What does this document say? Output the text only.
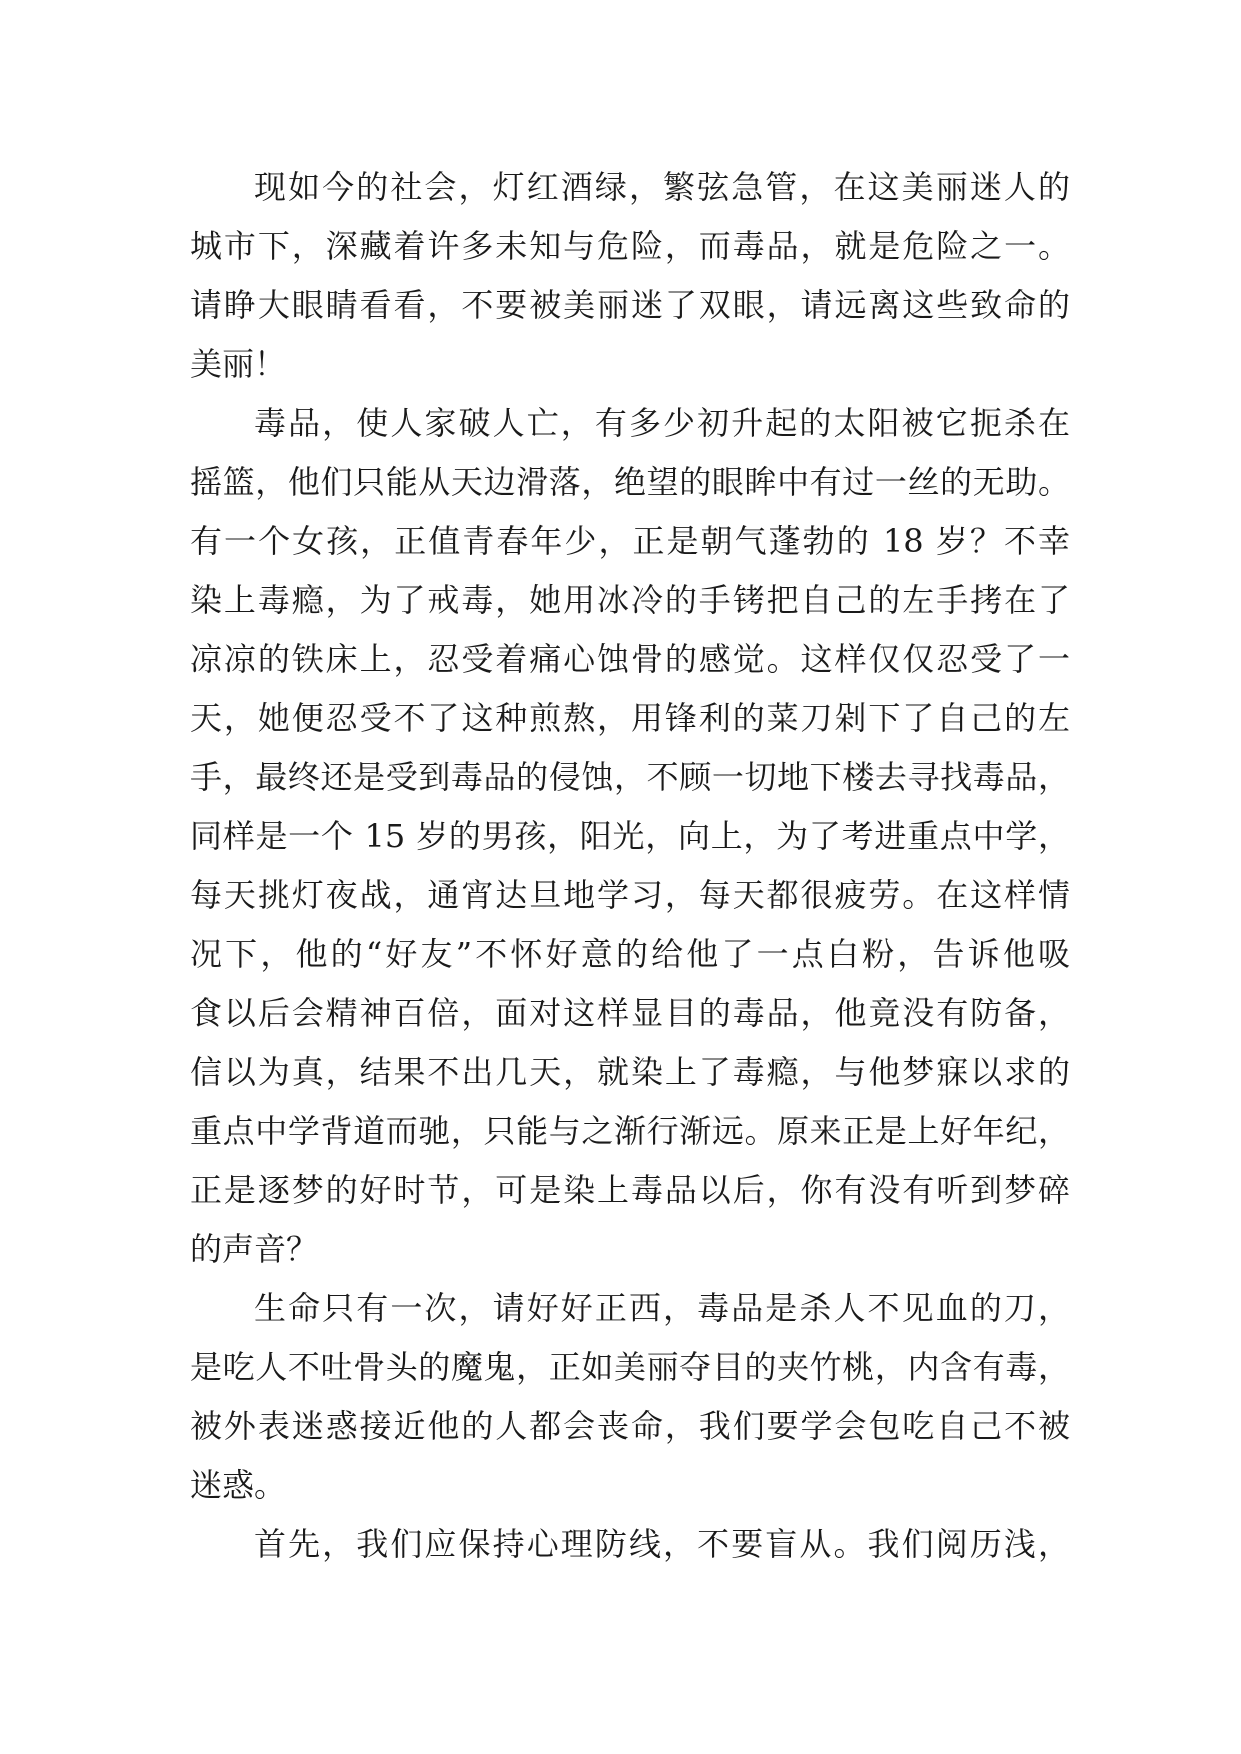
现如今的社会，灯红酒绿，繁弦急管，在这美丽迷人的
城市下，深藏着许多未知与危险，而毒品，就是危险之一。
请睁大眼睛看看，不要被美丽迷了双眼，请远离这些致命的
美丽！
毒品，使人家破人亡，有多少初升起的太阳被它扼杀在
摇篮，他们只能从天边滑落，绝望的眼眸中有过一丝的无助。
有一个女孩，正值青春年少，正是朝气蓬勃的 18 岁？不幸
染上毒瘾，为了戒毒，她用冰冷的手铐把自己的左手拷在了
凉凉的铁床上，忍受着痛心蚀骨的感觉。这样仅仅忍受了一
天，她便忍受不了这种煎熬，用锋利的菜刀剁下了自己的左
手，最终还是受到毒品的侵蚀，不顾一切地下楼去寻找毒品，
同样是一个 15 岁的男孩，阳光，向上，为了考进重点中学，
每天挑灯夜战，通宵达旦地学习，每天都很疲劳。在这样情
况下，他的“好友”不怀好意的给他了一点白粉，告诉他吸
食以后会精神百倍，面对这样显目的毒品，他竟没有防备，
信以为真，结果不出几天，就染上了毒瘾，与他梦寐以求的
重点中学背道而驰，只能与之渐行渐远。原来正是上好年纪，
正是逐梦的好时节，可是染上毒品以后，你有没有听到梦碎
的声音？
生命只有一次，请好好正西，毒品是杀人不见血的刀，
是吃人不吐骨头的魔鬼，正如美丽夺目的夹竹桃，内含有毒，
被外表迷惑接近他的人都会丧命，我们要学会包吃自己不被
迷惑。
首先，我们应保持心理防线，不要盲从。我们阅历浅，
